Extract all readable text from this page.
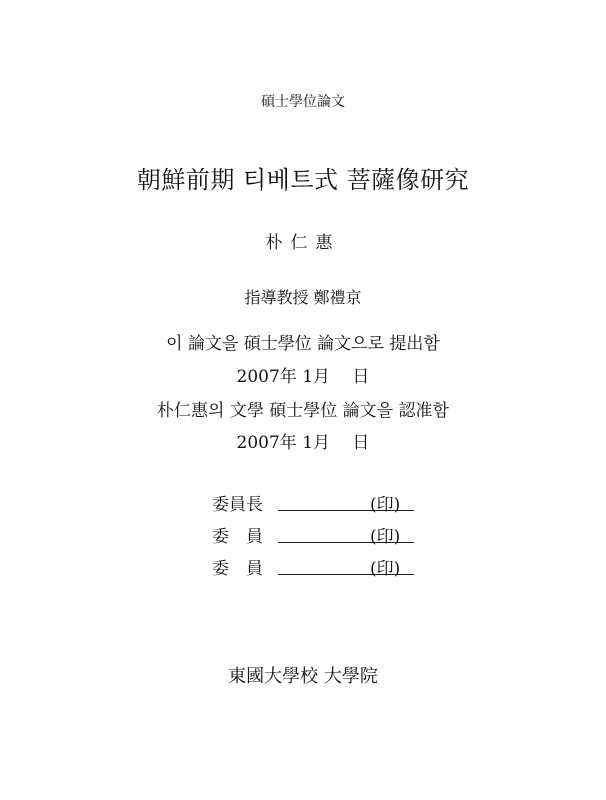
碩士學位論文
朝鮮前期 티베트式 菩薩像研究
朴仁惠
指導教授 鄭禮京
이 論文을 碩士學位 論文으로 提出함
2007年 1月　 日
朴仁惠의 文學 碩士學位 論文을 認准함
2007年 1月　 日
委員長	(印)
委　員	(印)
委　員	(印)
東國大學校 大學院
